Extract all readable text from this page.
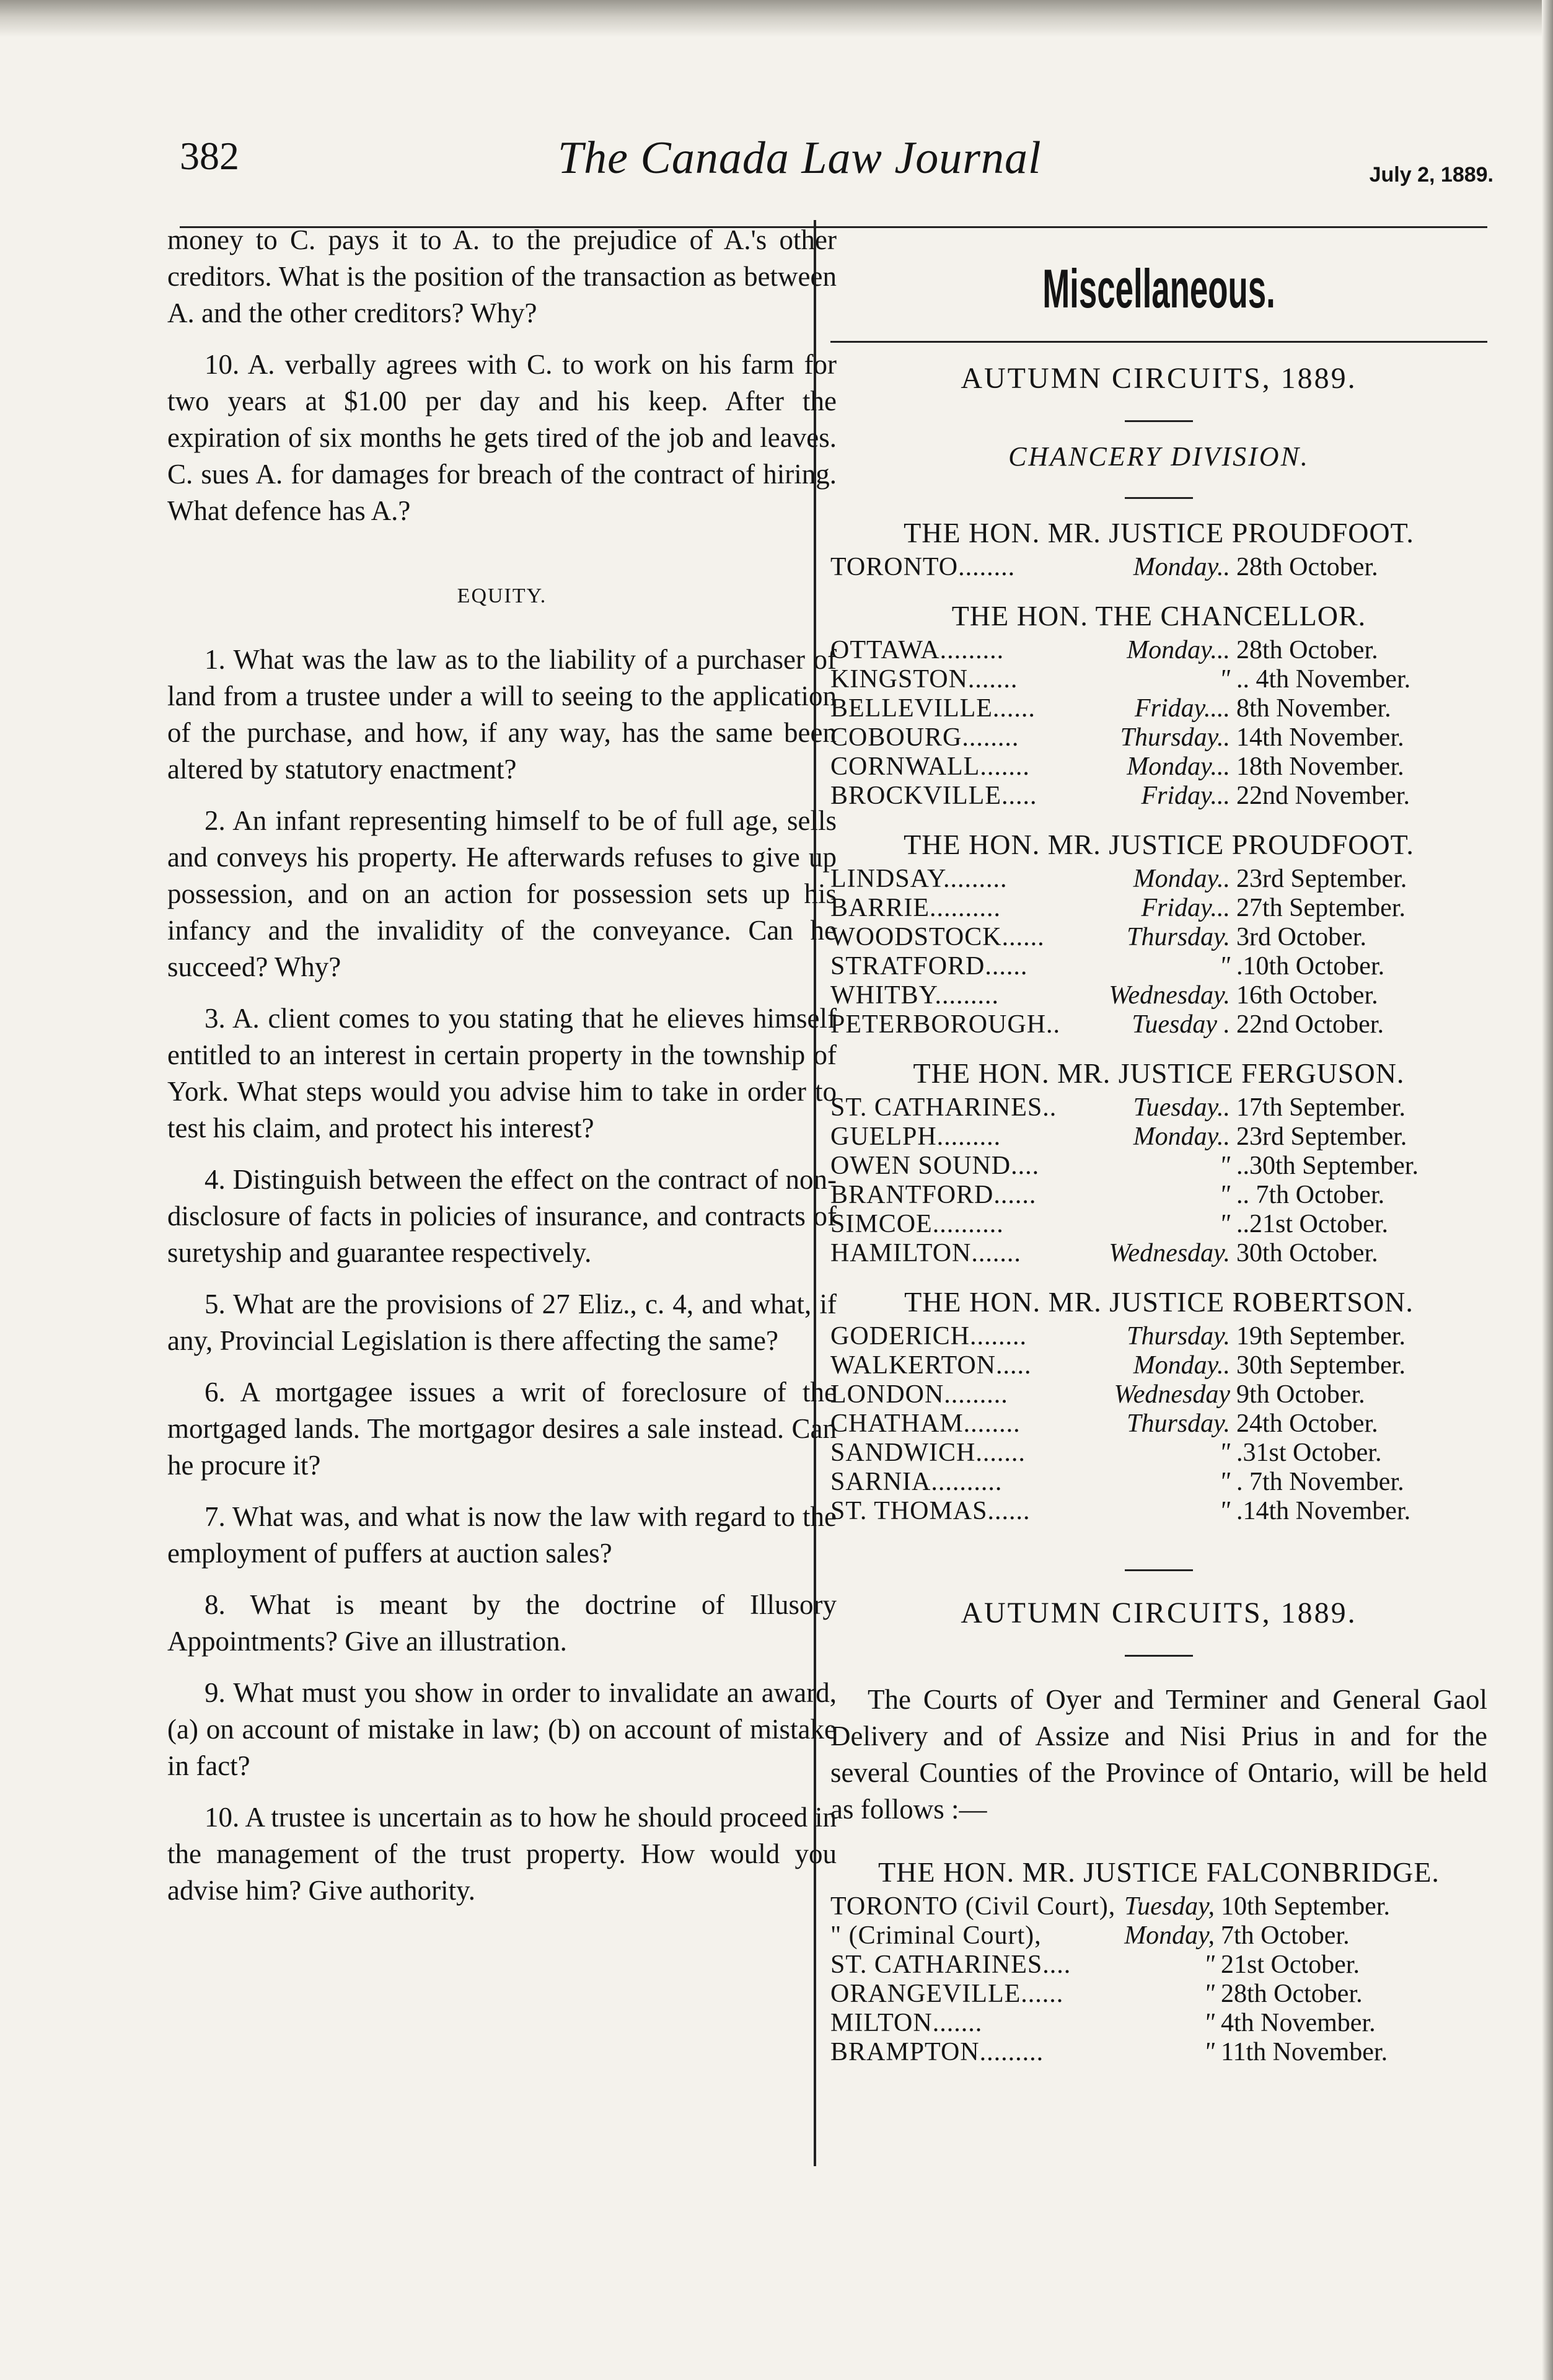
382	The Canada Law Journal	July 2, 1889.

money to C. pays it to A. to the prejudice of A.'s other creditors. What is the position of the transaction as between A. and the other creditors? Why?

10. A. verbally agrees with C. to work on his farm for two years at $1.00 per day and his keep. After the expiration of six months he gets tired of the job and leaves. C. sues A. for damages for breach of the contract of hiring. What defence has A.?

EQUITY.

1. What was the law as to the liability of a purchaser of land from a trustee under a will to seeing to the application of the purchase, and how, if any way, has the same been altered by statutory enactment?

2. An infant representing himself to be of full age, sells and conveys his property. He afterwards refuses to give up possession, and on an action for possession sets up his infancy and the invalidity of the conveyance. Can he succeed? Why?

3. A. client comes to you stating that he elieves himself entitled to an interest in certain property in the township of York. What steps would you advise him to take in order to test his claim, and protect his interest?

4. Distinguish between the effect on the contract of non-disclosure of facts in policies of insurance, and contracts of suretyship and guarantee respectively.

5. What are the provisions of 27 Eliz., c. 4, and what, if any, Provincial Legislation is there affecting the same?

6. A mortgagee issues a writ of foreclosure of the mortgaged lands. The mortgagor desires a sale instead. Can he procure it?

7. What was, and what is now the law with regard to the employment of puffers at auction sales?

8. What is meant by the doctrine of Illusory Appointments? Give an illustration.

9. What must you show in order to invalidate an award, (a) on account of mistake in law; (b) on account of mistake in fact?

10. A trustee is uncertain as to how he should proceed in the management of the trust property. How would you advise him? Give authority.

Miscellaneous.
AUTUMN CIRCUITS, 1889.
CHANCERY DIVISION.
THE HON. MR. JUSTICE PROUDFOOT.
TORONTO........	Monday.. 28th October.
THE HON. THE CHANCELLOR.
OTTAWA.........	Monday... 28th October.
KINGSTON.......	" .. 4th November.
BELLEVILLE......	Friday.... 8th November.
COBOURG........	Thursday.. 14th November.
CORNWALL.......	Monday... 18th November.
BROCKVILLE.....	Friday... 22nd November.
THE HON. MR. JUSTICE PROUDFOOT.
LINDSAY.........	Monday.. 23rd September.
BARRIE..........	Friday... 27th September.
WOODSTOCK......	Thursday. 3rd October.
STRATFORD......	" .10th October.
WHITBY.........	Wednesday. 16th October.
PETERBOROUGH..	Tuesday . 22nd October.
THE HON. MR. JUSTICE FERGUSON.
ST. CATHARINES..	Tuesday.. 17th September.
GUELPH.........	Monday.. 23rd September.
OWEN SOUND....	" ..30th September.
BRANTFORD......	" .. 7th October.
SIMCOE..........	" ..21st October.
HAMILTON.......	Wednesday. 30th October.
THE HON. MR. JUSTICE ROBERTSON.
GODERICH........	Thursday. 19th September.
WALKERTON.....	Monday.. 30th September.
LONDON.........	Wednesday 9th October.
CHATHAM........	Thursday. 24th October.
SANDWICH.......	" .31st October.
SARNIA..........	" . 7th November.
ST. THOMAS......	" .14th November.
AUTUMN CIRCUITS, 1889.

The Courts of Oyer and Terminer and General Gaol Delivery and of Assize and Nisi Prius in and for the several Counties of the Province of Ontario, will be held as follows :—

THE HON. MR. JUSTICE FALCONBRIDGE.
TORONTO (Civil Court), Tuesday, 10th September.
" (Criminal Court),	Monday, 7th October.
ST. CATHARINES....	" 21st October.
ORANGEVILLE......	" 28th October.
MILTON.......	" 4th November.
BRAMPTON.........	" 11th November.
